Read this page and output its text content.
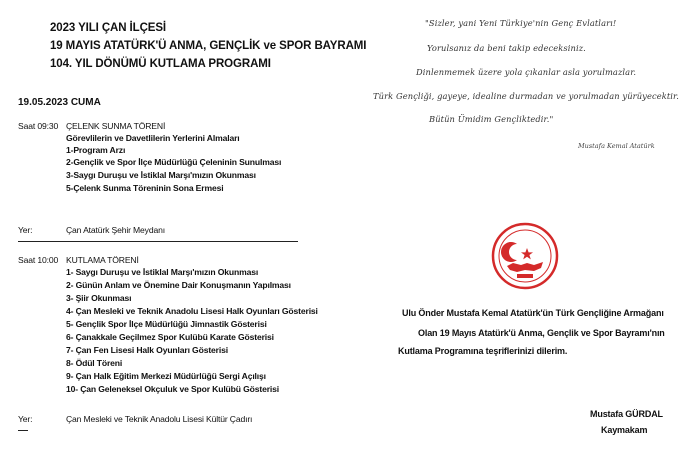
2023 YILI ÇAN İLÇESİ
19 MAYIS ATATÜRK'Ü ANMA, GENÇLİK ve SPOR BAYRAMI
104. YIL DÖNÜMÜ KUTLAMA PROGRAMI
19.05.2023 CUMA
Saat 09:30 ÇELENK SUNMA TÖRENİ
Görevlilerin ve Davetlilerin Yerlerini Almaları
1-Program Arzı
2-Gençlik ve Spor İlçe Müdürlüğü Çeleninin Sunulması
3-Saygı Duruşu ve İstiklal Marşı'mızın Okunması
5-Çelenk Sunma Töreninin Sona Ermesi
Yer:	Çan Atatürk Şehir Meydanı
Saat 10:00 KUTLAMA TÖRENİ
1- Saygı Duruşu ve İstiklal Marşı'mızın Okunması
2- Günün Anlam ve Önemine Dair Konuşmanın Yapılması
3- Şiir Okunması
4- Çan Mesleki ve Teknik Anadolu Lisesi Halk Oyunları Gösterisi
5- Gençlik Spor İlçe Müdürlüğü Jimnastik Gösterisi
6- Çanakkale Geçilmez Spor Kulübü Karate Gösterisi
7- Çan Fen Lisesi Halk Oyunları Gösterisi
8- Ödül Töreni
9- Çan Halk Eğitim Merkezi Müdürlüğü Sergi Açılışı
10- Çan Geleneksel Okçuluk ve Spor Kulübü Gösterisi
Yer:	Çan Mesleki ve Teknik Anadolu Lisesi Kültür Çadırı
"Sizler, yani Yeni Türkiye'nin Genç Evlatları!
Yorulsanız da beni takip edeceksiniz.
Dinlenmemek üzere yola çıkanlar asla yorulmazlar.
Türk Gençliği, gayeye, idealine durmadan ve yorulmadan yürüyecektir.
Bütün Ümidim Gençliktedir."
Mustafa Kemal Atatürk
Ulu Önder Mustafa Kemal Atatürk'ün Türk Gençliğine Armağanı
Olan 19 Mayıs Atatürk'ü Anma, Gençlik ve Spor Bayramı'nın
Kutlama Programına teşriflerinizi dilerim.
Mustafa GÜRDAL
Kaymakam
